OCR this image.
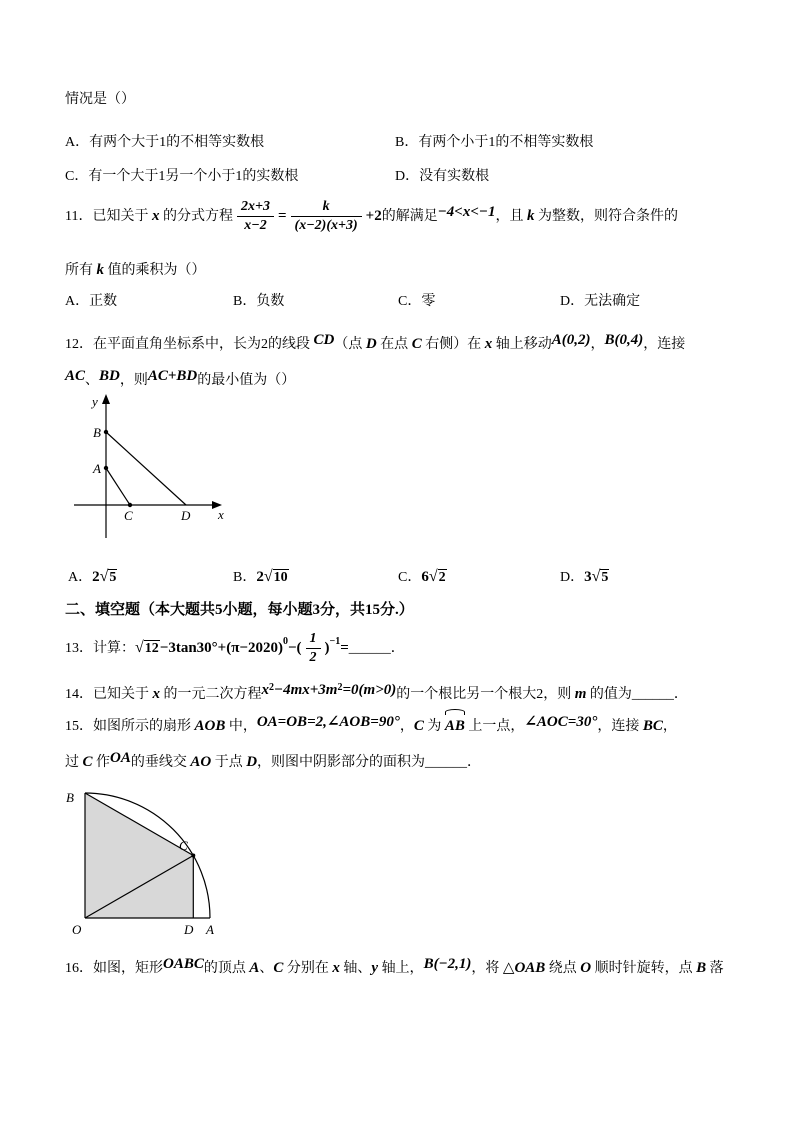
情况是（）
A．有两个大于1的不相等实数根	B．有两个小于1的不相等实数根
C．有一个大于1另一个小于1的实数根	D．没有实数根
11．已知关于 x 的分式方程 $\frac{2x+3}{x-2} = \frac{k}{(x-2)(x+3)} +2$的解满足−4<x<−1，且 k 为整数，则符合条件的
所有 k 值的乘积为（）
A．正数	B．负数	C．零	D．无法确定
12．在平面直角坐标系中，长为2的线段 CD（点 D 在点 C 右侧）在 x 轴上移动A(0,2)，B(0,4)，连接
AC、BD，则AC+BD的最小值为（）
y
B
A
C	D x
A．2√5	B．2√10	C．6√2	D．3√5
二、填空题（本大题共5小题，每小题3分，共15分.）
13．计算：$√12-3\tan 30^\circ+(\pi-2020)^0-( \frac{1}{2}$ )$^{-1}=\_\_\_\_\_\_$．
14．已知关于 x 的一元二次方程$x^2-4mx+3m^2=0(m>0)$的一个根比另一个根大2，则 m 的值为______．
15．如图所示的扇形 AOB 中，OA=OB=2,∠AOB=90°，C 为 AB 上一点，∠AOC=30°，连接 BC，
过 C 作OA的垂线交 AO 于点 D，则图中阴影部分的面积为______．
B
O	A
D
C
16．如图，矩形OABC的顶点 A、C 分别在 x 轴、y 轴上，B(−2,1)，将 △OAB 绕点 O 顺时针旋转，点 B 落
